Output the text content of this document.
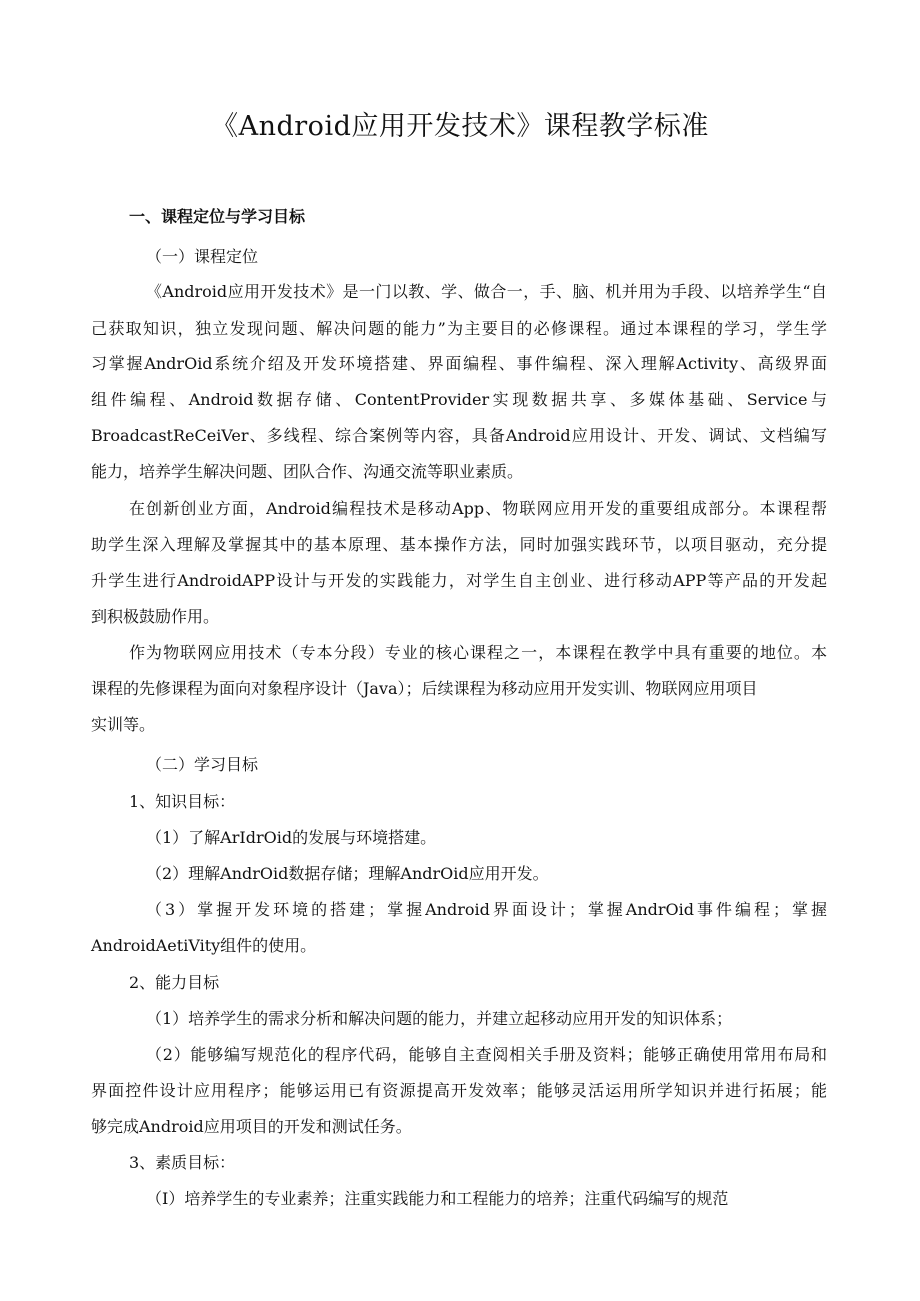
《Android应用开发技术》课程教学标准
一、课程定位与学习目标

（一）课程定位

《Android应用开发技术》是一门以教、学、做合一，手、脑、机并用为手段、以培养学生“自

己获取知识，独立发现问题、解决问题的能力”为主要目的必修课程。通过本课程的学习，学生学

习掌握AndrOid系统介绍及开发环境搭建、界面编程、事件编程、深入理解Activity、高级界面

组件编程、Android数据存储、ContentProvider实现数据共享、多媒体基础、Service与

BroadcastReCeiVer、多线程、综合案例等内容，具备Android应用设计、开发、调试、文档编写

能力，培养学生解决问题、团队合作、沟通交流等职业素质。

在创新创业方面，Android编程技术是移动App、物联网应用开发的重要组成部分。本课程帮

助学生深入理解及掌握其中的基本原理、基本操作方法，同时加强实践环节，以项目驱动，充分提

升学生进行AndroidAPP设计与开发的实践能力，对学生自主创业、进行移动APP等产品的开发起

到积极鼓励作用。

作为物联网应用技术（专本分段）专业的核心课程之一，本课程在教学中具有重要的地位。本

课程的先修课程为面向对象程序设计（Java）；后续课程为移动应用开发实训、物联网应用项目

实训等。

（二）学习目标

1、知识目标：

（1）了解ArIdrOid的发展与环境搭建。

（2）理解AndrOid数据存储；理解AndrOid应用开发。

（3）掌握开发环境的搭建；掌握Android界面设计；掌握AndrOid事件编程；掌握

AndroidAetiVity组件的使用。

2、能力目标

（1）培养学生的需求分析和解决问题的能力，并建立起移动应用开发的知识体系；

（2）能够编写规范化的程序代码，能够自主查阅相关手册及资料；能够正确使用常用布局和

界面控件设计应用程序；能够运用已有资源提高开发效率；能够灵活运用所学知识并进行拓展；能

够完成Android应用项目的开发和测试任务。

3、素质目标：

（I）培养学生的专业素养；注重实践能力和工程能力的培养；注重代码编写的规范
